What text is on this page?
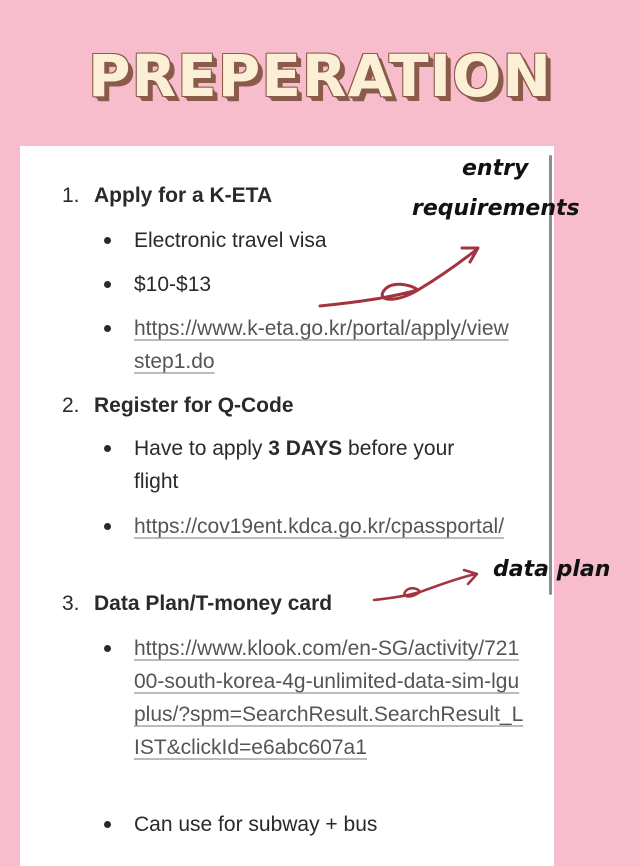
PREPERATION
1. Apply for a K-ETA
Electronic travel visa
$10-$13
https://www.k-eta.go.kr/portal/apply/viewstep1.do
2. Register for Q-Code
Have to apply 3 DAYS before your flight
https://cov19ent.kdca.go.kr/cpassportal/
3. Data Plan/T-money card
https://www.klook.com/en-SG/activity/72100-south-korea-4g-unlimited-data-sim-lguplus/?spm=SearchResult.SearchResult_LIST&clickId=e6abc607a1
Can use for subway + bus
entry
requirements
data plan
